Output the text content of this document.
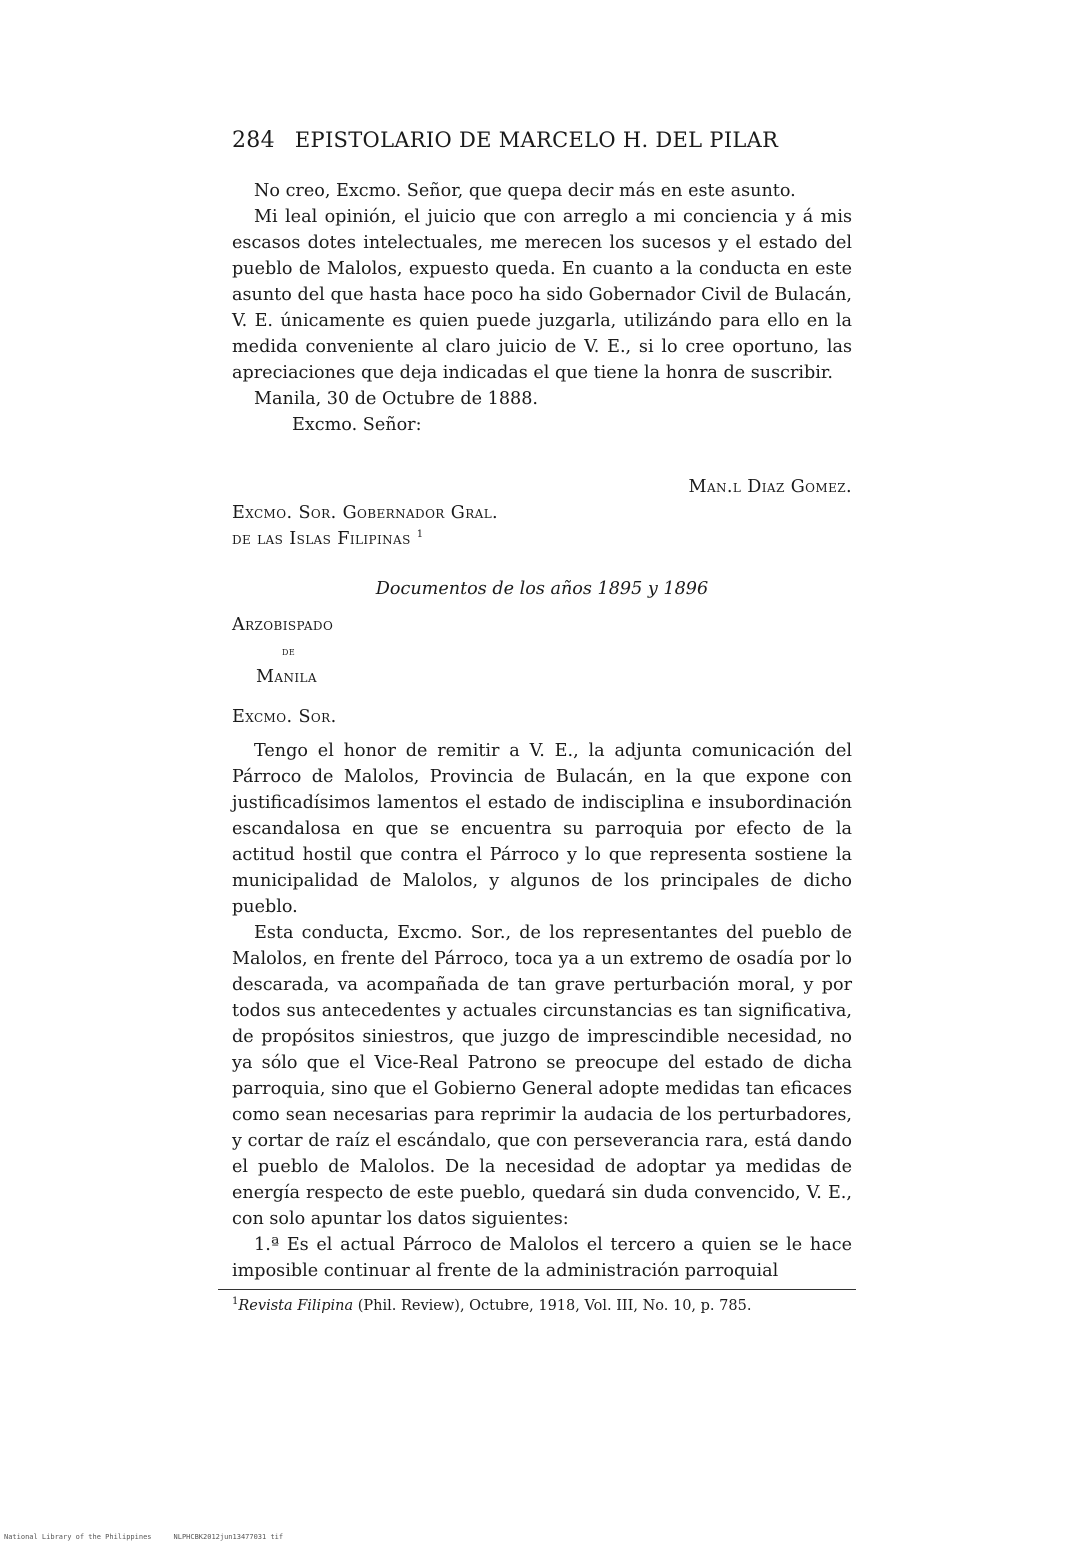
284 EPISTOLARIO DE MARCELO H. DEL PILAR

No creo, Excmo. Señor, que quepa decir más en este asunto.

Mi leal opinión, el juicio que con arreglo a mi conciencia y á mis escasos dotes intelectuales, me merecen los sucesos y el estado del pueblo de Malolos, expuesto queda. En cuanto a la conducta en este asunto del que hasta hace poco ha sido Gobernador Civil de Bulacán, V. E. únicamente es quien puede juzgarla, utilizándo para ello en la medida conveniente al claro juicio de V. E., si lo cree oportuno, las apreciaciones que deja indicadas el que tiene la honra de suscribir.

Manila, 30 de Octubre de 1888.

Excmo. Señor:

Man.l Diaz Gomez.

Excmo. Sor. Gobernador Gral.

de las Islas Filipinas $^1$

Documentos de los años 1895 y 1896

Arzobispado

de

Manila

Excmo. Sor.

Tengo el honor de remitir a V. E., la adjunta comunicación del Párroco de Malolos, Provincia de Bulacán, en la que expone con justificadísimos lamentos el estado de indisciplina e insubordinación escandalosa en que se encuentra su parroquia por efecto de la actitud hostil que contra el Párroco y lo que representa sostiene la municipalidad de Malolos, y algunos de los principales de dicho pueblo.

Esta conducta, Excmo. Sor., de los representantes del pueblo de Malolos, en frente del Párroco, toca ya a un extremo de osadía por lo descarada, va acompañada de tan grave perturbación moral, y por todos sus antecedentes y actuales circunstancias es tan significativa, de propósitos siniestros, que juzgo de imprescindible necesidad, no ya sólo que el Vice-Real Patrono se preocupe del estado de dicha parroquia, sino que el Gobierno General adopte medidas tan eficaces como sean necesarias para reprimir la audacia de los perturbadores, y cortar de raíz el escándalo, que con perseverancia rara, está dando el pueblo de Malolos. De la necesidad de adoptar ya medidas de energía respecto de este pueblo, quedará sin duda convencido, V. E., con solo apuntar los datos siguientes:

1.ª Es el actual Párroco de Malolos el tercero a quien se le hace imposible continuar al frente de la administración parroquial

$^1$Revista Filipina (Phil. Review), Octubre, 1918, Vol. III, No. 10, p. 785.
National Library of the Philippines	NLPHCBK2012jun13477031 tif
